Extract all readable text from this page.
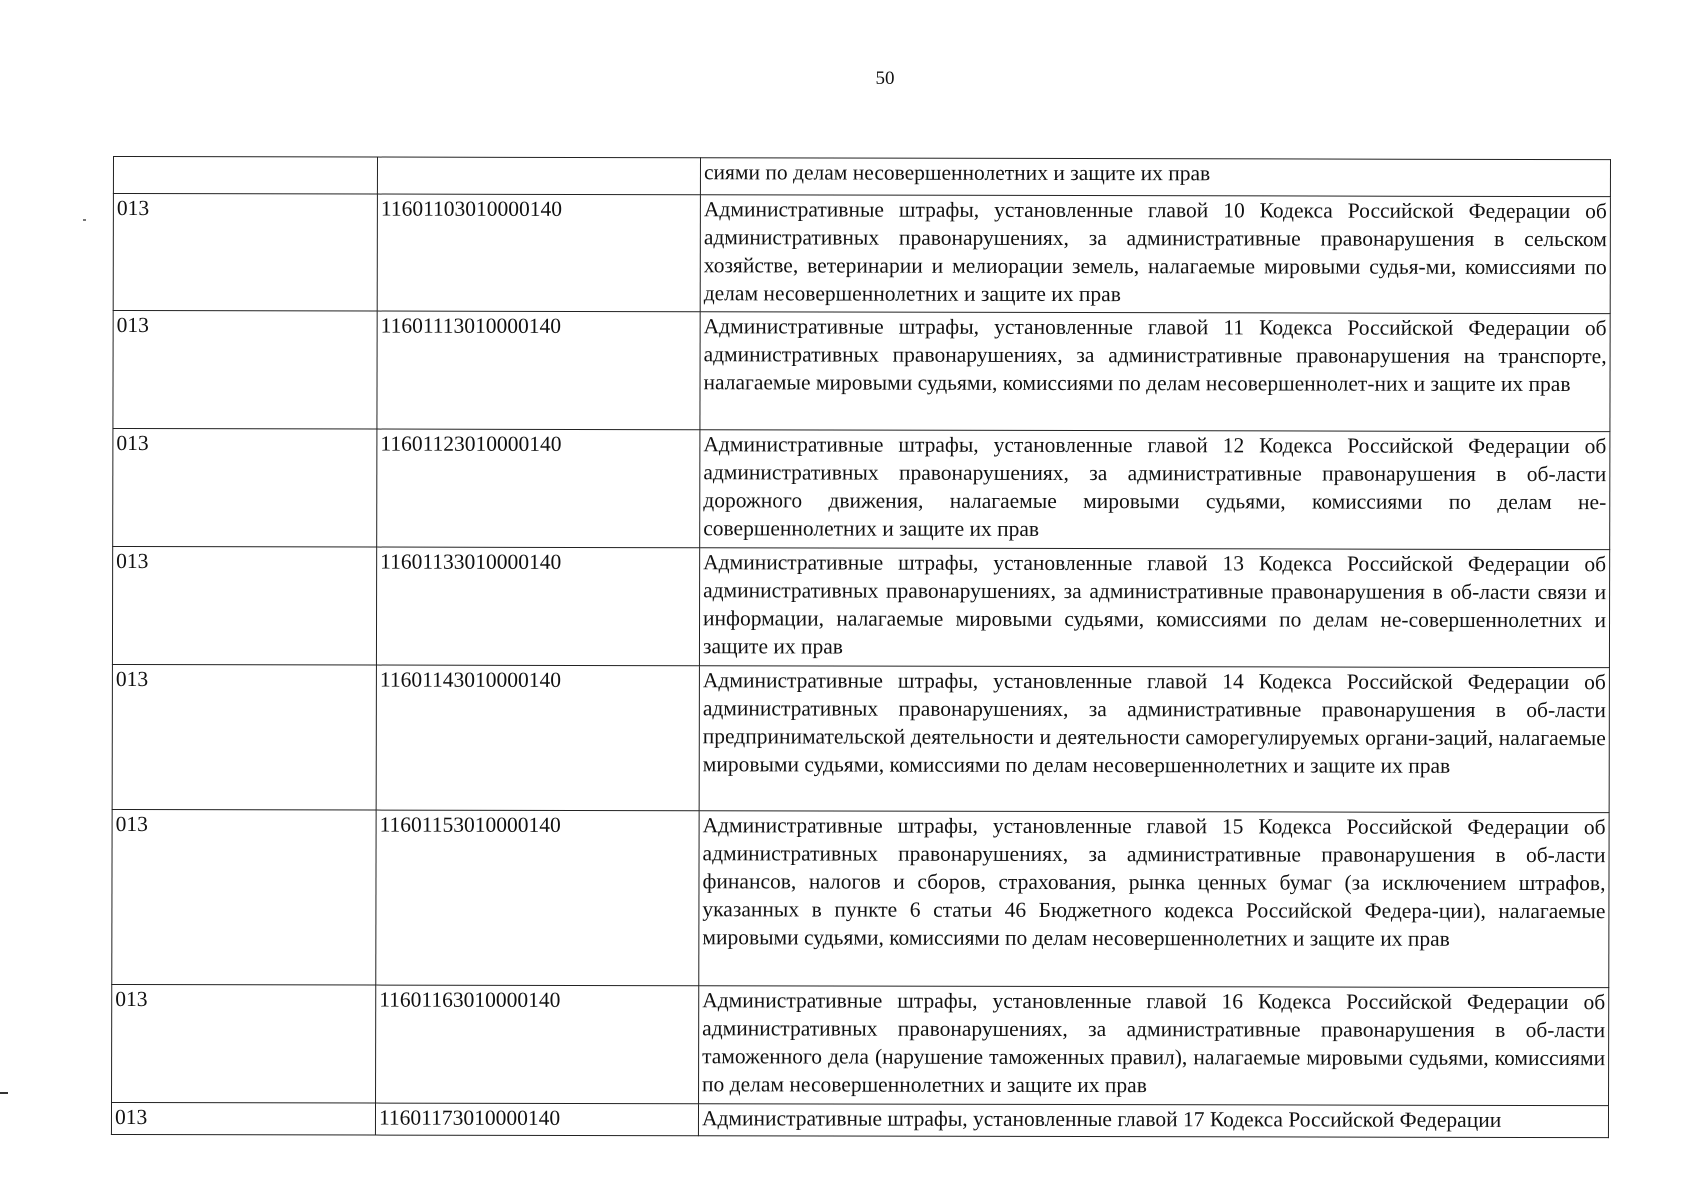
50
		сиями по делам несовершеннолетних и защите их прав
013	11601103010000140	Административные штрафы, установленные главой 10 Кодекса Российской Федерации об административных правонарушениях, за административные правонарушения в сельском хозяйстве, ветеринарии и мелиорации земель, налагаемые мировыми судья-ми, комиссиями по делам несовершеннолетних и защите их прав
013	11601113010000140	Административные штрафы, установленные главой 11 Кодекса Российской Федерации об административных правонарушениях, за административные правонарушения на транспорте, налагаемые мировыми судьями, комиссиями по делам несовершеннолет-них и защите их прав
013	11601123010000140	Административные штрафы, установленные главой 12 Кодекса Российской Федерации об административных правонарушениях, за административные правонарушения в об-ласти дорожного движения, налагаемые мировыми судьями, комиссиями по делам не-совершеннолетних и защите их прав
013	11601133010000140	Административные штрафы, установленные главой 13 Кодекса Российской Федерации об административных правонарушениях, за административные правонарушения в об-ласти связи и информации, налагаемые мировыми судьями, комиссиями по делам не-совершеннолетних и защите их прав
013	11601143010000140	Административные штрафы, установленные главой 14 Кодекса Российской Федерации об административных правонарушениях, за административные правонарушения в об-ласти предпринимательской деятельности и деятельности саморегулируемых органи-заций, налагаемые мировыми судьями, комиссиями по делам несовершеннолетних и защите их прав
013	11601153010000140	Административные штрафы, установленные главой 15 Кодекса Российской Федерации об административных правонарушениях, за административные правонарушения в об-ласти финансов, налогов и сборов, страхования, рынка ценных бумаг (за исключением штрафов, указанных в пункте 6 статьи 46 Бюджетного кодекса Российской Федера-ции), налагаемые мировыми судьями, комиссиями по делам несовершеннолетних и защите их прав
013	11601163010000140	Административные штрафы, установленные главой 16 Кодекса Российской Федерации об административных правонарушениях, за административные правонарушения в об-ласти таможенного дела (нарушение таможенных правил), налагаемые мировыми судьями, комиссиями по делам несовершеннолетних и защите их прав
013	11601173010000140	Административные штрафы, установленные главой 17 Кодекса Российской Федерации
